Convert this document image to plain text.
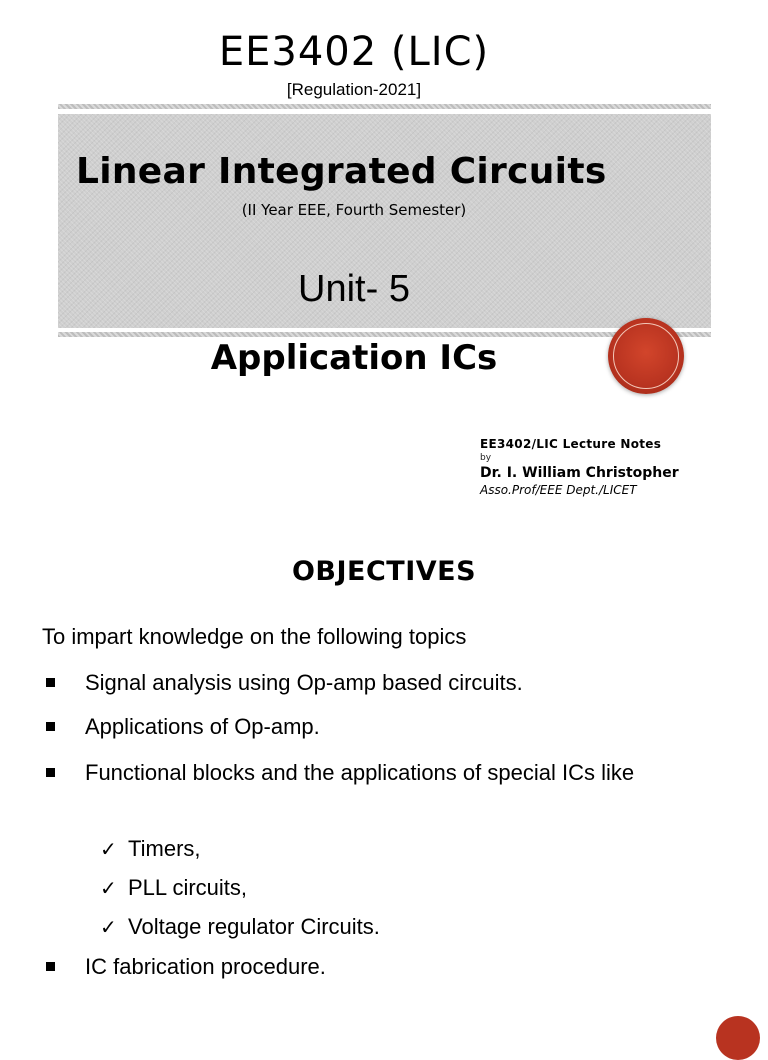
EE3402 (LIC)
[Regulation-2021]
Linear Integrated Circuits
(II Year EEE, Fourth Semester)
Unit- 5
Application ICs
EE3402/LIC Lecture Notes
by
Dr. I. William Christopher
Asso.Prof/EEE Dept./LICET
OBJECTIVES
To impart knowledge on the following topics
Signal analysis using Op-amp based circuits.
Applications of Op-amp.
Functional blocks and the applications of special ICs like
✓ Timers,
✓ PLL circuits,
✓ Voltage regulator Circuits.
IC fabrication procedure.
